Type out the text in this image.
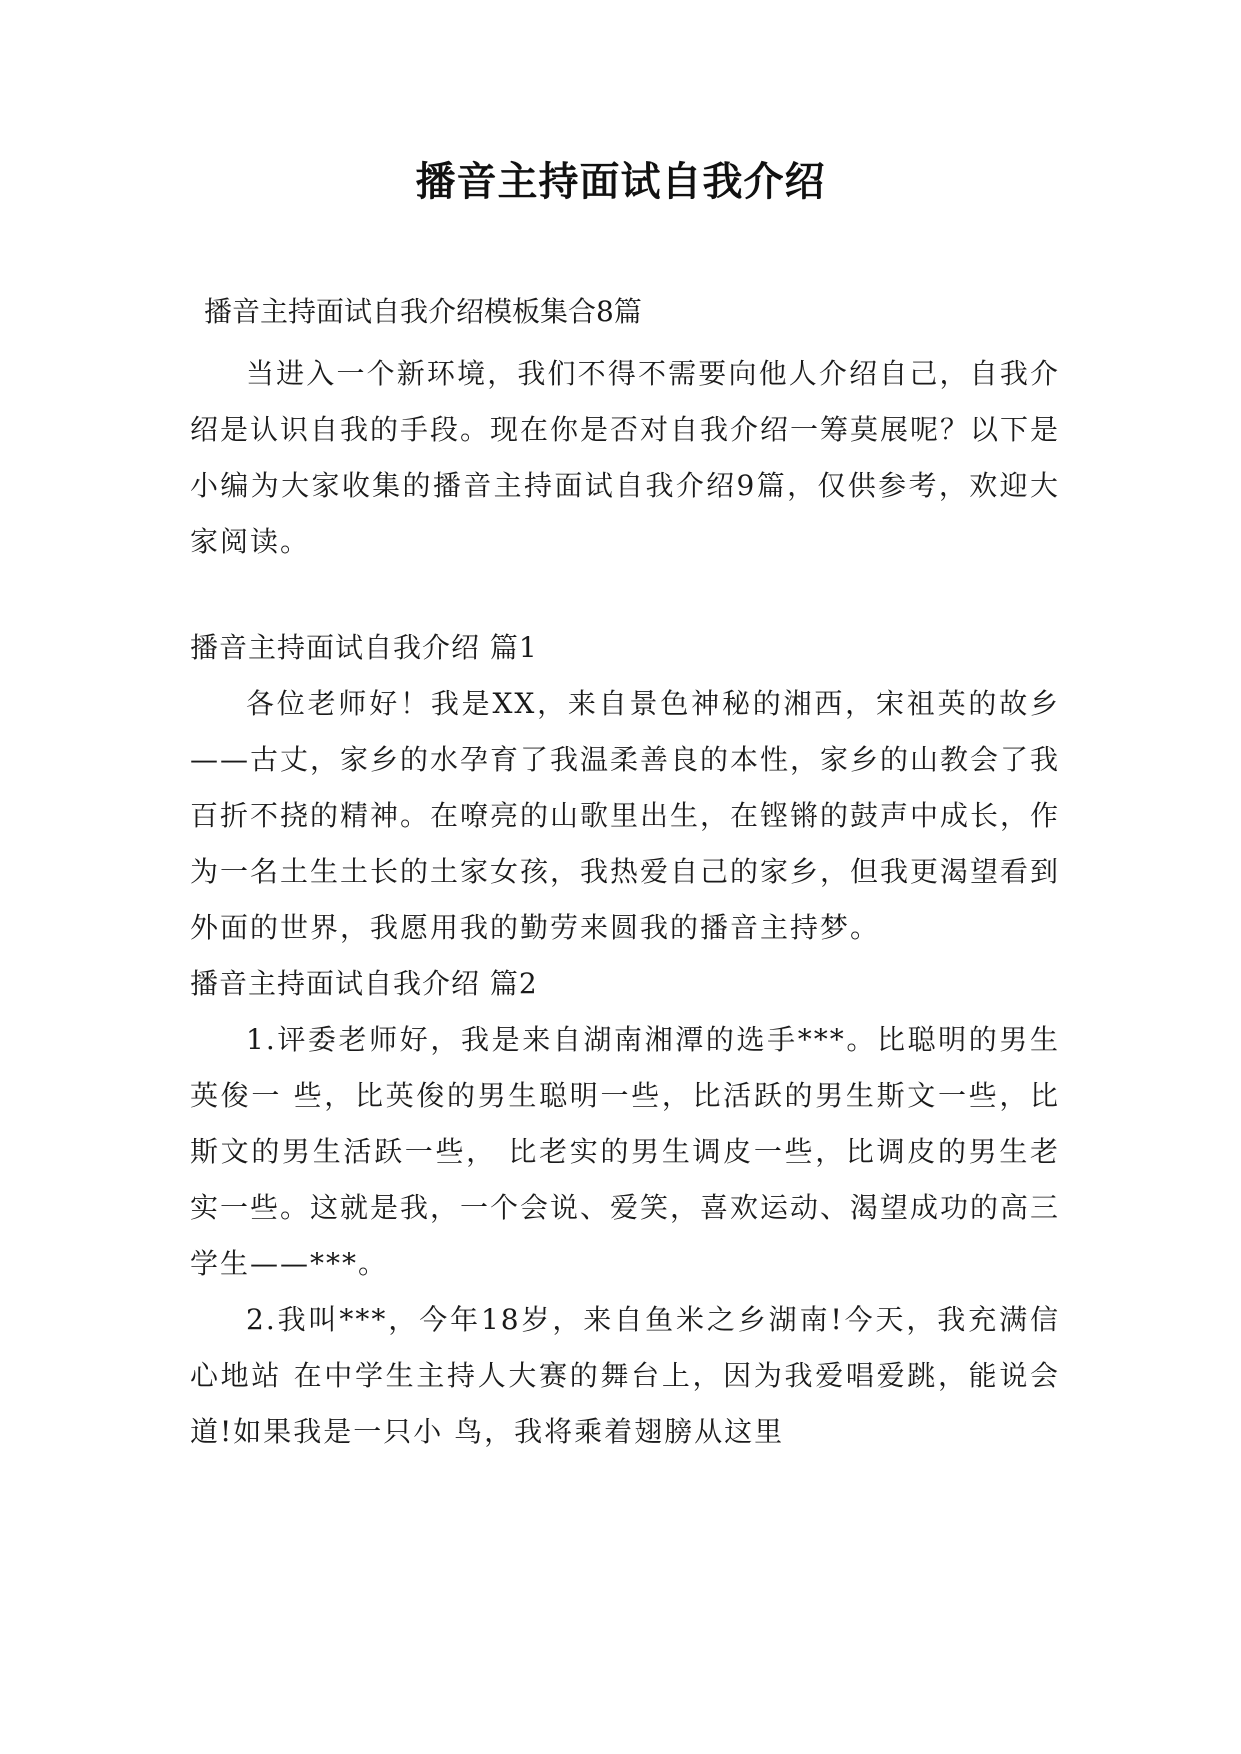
播音主持面试自我介绍

播音主持面试自我介绍模板集合8篇

当进入一个新环境，我们不得不需要向他人介绍自己，自我介绍是认识自我的手段。现在你是否对自我介绍一筹莫展呢？以下是小编为大家收集的播音主持面试自我介绍9篇，仅供参考，欢迎大家阅读。

播音主持面试自我介绍 篇1

各位老师好！我是XX，来自景色神秘的湘西，宋祖英的故乡——古丈，家乡的水孕育了我温柔善良的本性，家乡的山教会了我百折不挠的精神。在嘹亮的山歌里出生，在铿锵的鼓声中成长，作为一名土生土长的土家女孩，我热爱自己的家乡，但我更渴望看到外面的世界，我愿用我的勤劳来圆我的播音主持梦。

播音主持面试自我介绍 篇2

1.评委老师好，我是来自湖南湘潭的选手***。比聪明的男生英俊一 些，比英俊的男生聪明一些，比活跃的男生斯文一些，比斯文的男生活跃一些， 比老实的男生调皮一些，比调皮的男生老实一些。这就是我，一个会说、爱笑，喜欢运动、渴望成功的高三学生——***。

2.我叫***，今年18岁，来自鱼米之乡湖南!今天，我充满信心地站 在中学生主持人大赛的舞台上，因为我爱唱爱跳，能说会道!如果我是一只小 鸟，我将乘着翅膀从这里
